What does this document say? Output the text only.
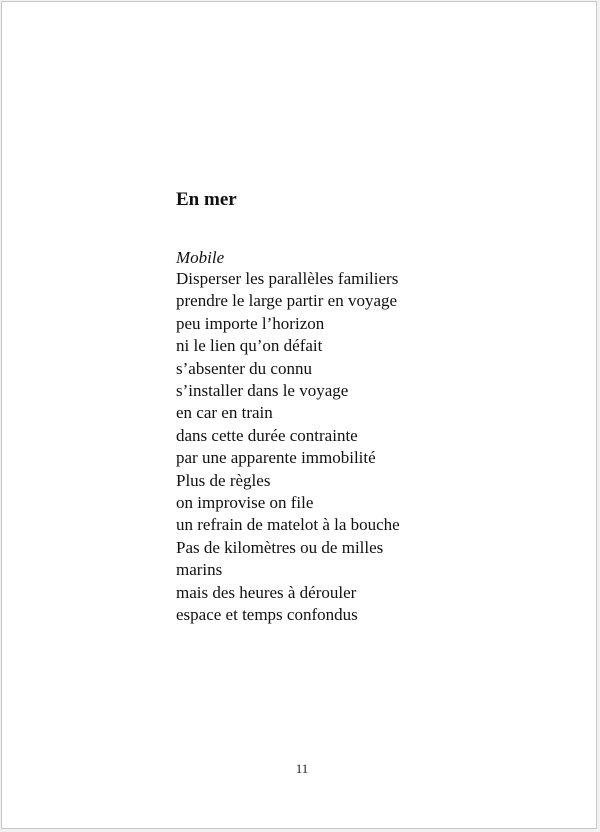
En mer

Mobile

Disperser les parallèles familiers
prendre le large partir en voyage
peu importe l’horizon
ni le lien qu’on défait
s’absenter du connu
s’installer dans le voyage
en car en train
dans cette durée contrainte
par une apparente immobilité
Plus de règles
on improvise on file
un refrain de matelot à la bouche
Pas de kilomètres ou de milles
marins
mais des heures à dérouler
espace et temps confondus

11
